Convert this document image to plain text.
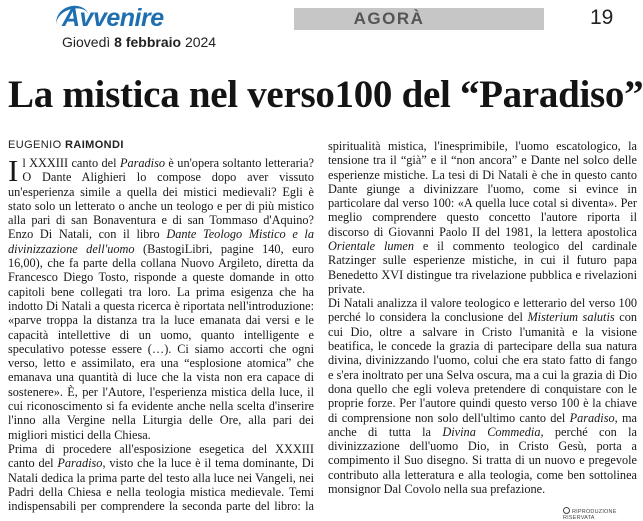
Avvenire
Giovedì 8 febbraio 2024
AGORÀ	19
La mistica nel verso100 del “Paradiso”
EUGENIO RAIMONDI

Il XXXIII canto del Paradiso è un'opera soltanto letteraria? O Dante Alighieri lo compose dopo aver vissuto un'esperienza simile a quella dei mistici medievali? Egli è stato solo un letterato o anche un teologo e per di più mistico alla pari di san Bonaventura e di san Tommaso d'Aquino? Enzo Di Natali, con il libro Dante Teologo Mistico e la divinizzazione dell'uomo (BastogiLibri, pagine 140, euro 16,00), che fa parte della collana Nuovo Argileto, diretta da Francesco Diego Tosto, risponde a queste domande in otto capitoli bene collegati tra loro. La prima esigenza che ha indotto Di Natali a questa ricerca è riportata nell'introduzione: «parve troppa la distanza tra la luce emanata dai versi e le capacità intellettive di un uomo, quanto intelligente e speculativo potesse essere (…). Ci siamo accorti che ogni verso, letto e assimilato, era una “esplosione atomica” che emanava una quantità di luce che la vista non era capace di sostenere». È, per l'Autore, l'esperienza mistica della luce, il cui riconoscimento si fa evidente anche nella scelta d'inserire l'inno alla Vergine nella Liturgia delle Ore, alla pari dei migliori mistici della Chiesa.

Prima di procedere all'esposizione esegetica del XXXIII canto del Paradiso, visto che la luce è il tema dominante, Di Natali dedica la prima parte del testo alla luce nei Vangeli, nei Padri della Chiesa e nella teologia mistica medievale. Temi indispensabili per comprendere la seconda parte del libro: la

spiritualità mistica, l'inesprimibile, l'uomo escatologico, la tensione tra il “già” e il “non ancora” e Dante nel solco delle esperienze mistiche. La tesi di Di Natali è che in questo canto Dante giunge a divinizzare l'uomo, come si evince in particolare dal verso 100: «A quella luce cotal si diventa». Per meglio comprendere questo concetto l'autore riporta il discorso di Giovanni Paolo II del 1981, la lettera apostolica Orientale lumen e il commento teologico del cardinale Ratzinger sulle esperienze mistiche, in cui il futuro papa Benedetto XVI distingue tra rivelazione pubblica e rivelazioni private.

Di Natali analizza il valore teologico e letterario del verso 100 perché lo considera la conclusione del Misterium salutis con cui Dio, oltre a salvare in Cristo l'umanità e la visione beatifica, le concede la grazia di partecipare della sua natura divina, divinizzando l'uomo, colui che era stato fatto di fango e s'era inoltrato per una Selva oscura, ma a cui la grazia di Dio dona quello che egli voleva pretendere di conquistare con le proprie forze. Per l'autore quindi questo verso 100 è la chiave di comprensione non solo dell'ultimo canto del Paradiso, ma anche di tutta la Divina Commedia, perché con la divinizzazione dell'uomo Dio, in Cristo Gesù, porta a compimento il Suo disegno. Si tratta di un nuovo e pregevole contributo alla letteratura e alla teologia, come ben sottolinea monsignor Dal Covolo nella sua prefazione.

RIPRODUZIONE RISERVATA
